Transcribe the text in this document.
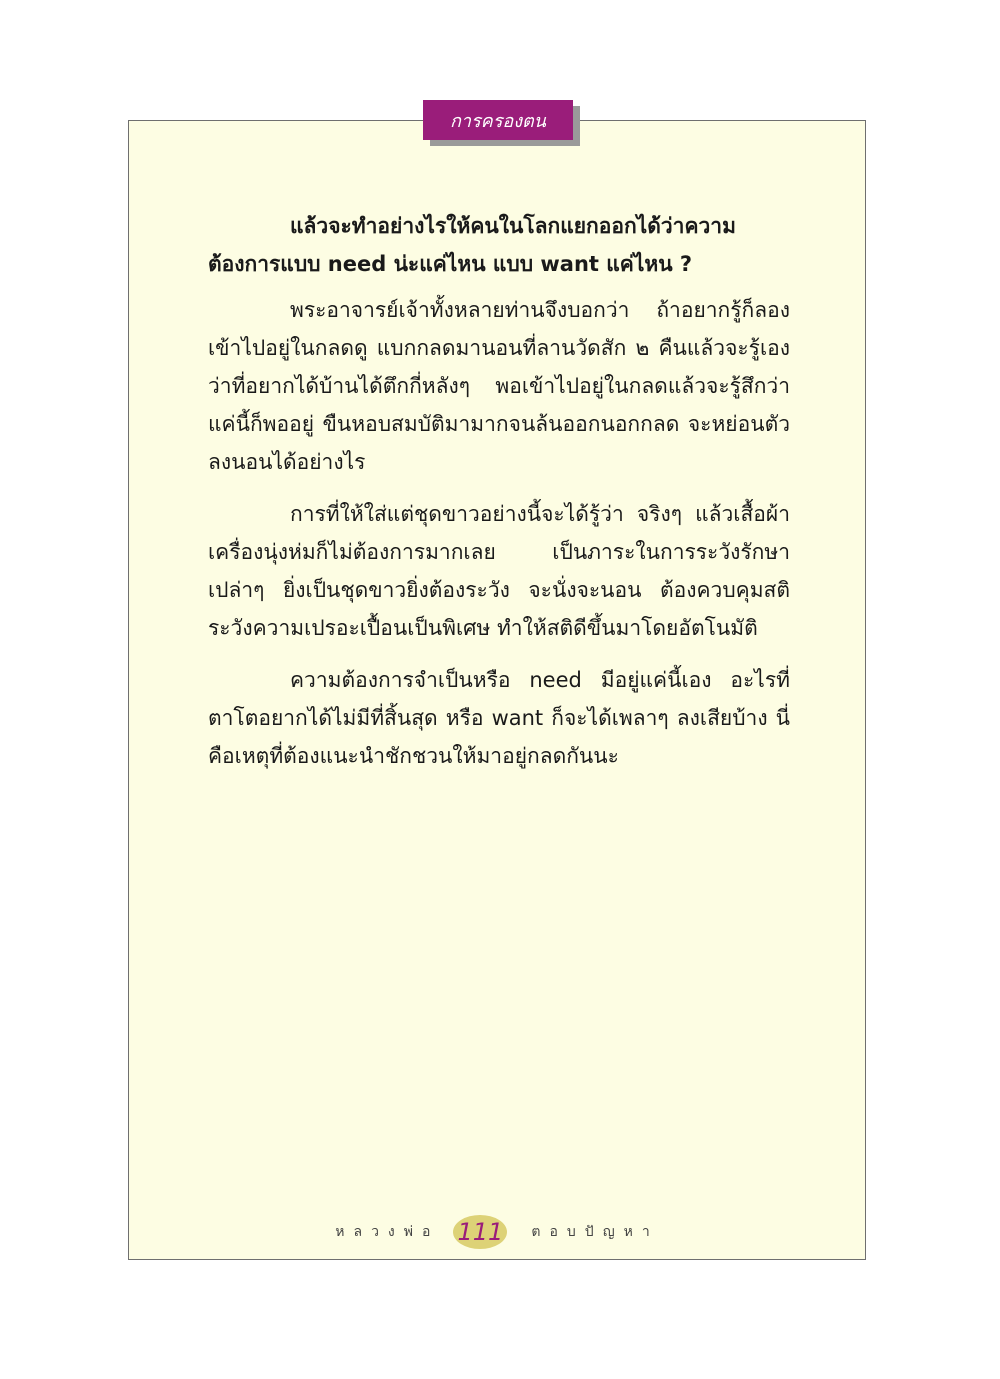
การครองตน

แล้วจะทำอย่างไรให้คนในโลกแยกออกได้ว่าความต้องการแบบ need น่ะแค่ไหน แบบ want แค่ไหน ?

พระอาจารย์เจ้าทั้งหลายท่านจึงบอกว่า ถ้าอยากรู้ก็ลองเข้าไปอยู่ในกลดดู แบกกลดมานอนที่ลานวัดสัก ๒ คืนแล้วจะรู้เองว่าที่อยากได้บ้านได้ตึกกี่หลังๆ พอเข้าไปอยู่ในกลดแล้วจะรู้สึกว่า แค่นี้ก็พออยู่ ขืนหอบสมบัติมามากจนล้นออกนอกกลด จะหย่อนตัวลงนอนได้อย่างไร

การที่ให้ใส่แต่ชุดขาวอย่างนี้จะได้รู้ว่า จริงๆ แล้วเสื้อผ้าเครื่องนุ่งห่มก็ไม่ต้องการมากเลย เป็นภาระในการระวังรักษาเปล่าๆ ยิ่งเป็นชุดขาวยิ่งต้องระวัง จะนั่งจะนอน ต้องควบคุมสติ ระวังความเปรอะเปื้อนเป็นพิเศษ ทำให้สติดีขึ้นมาโดยอัตโนมัติ

ความต้องการจำเป็นหรือ need มีอยู่แค่นี้เอง อะไรที่ตาโตอยากได้ไม่มีที่สิ้นสุด หรือ want ก็จะได้เพลาๆ ลงเสียบ้าง นี่คือเหตุที่ต้องแนะนำชักชวนให้มาอยู่กลดกันนะ

หลวงพ่อ 111 ตอบปัญหา
